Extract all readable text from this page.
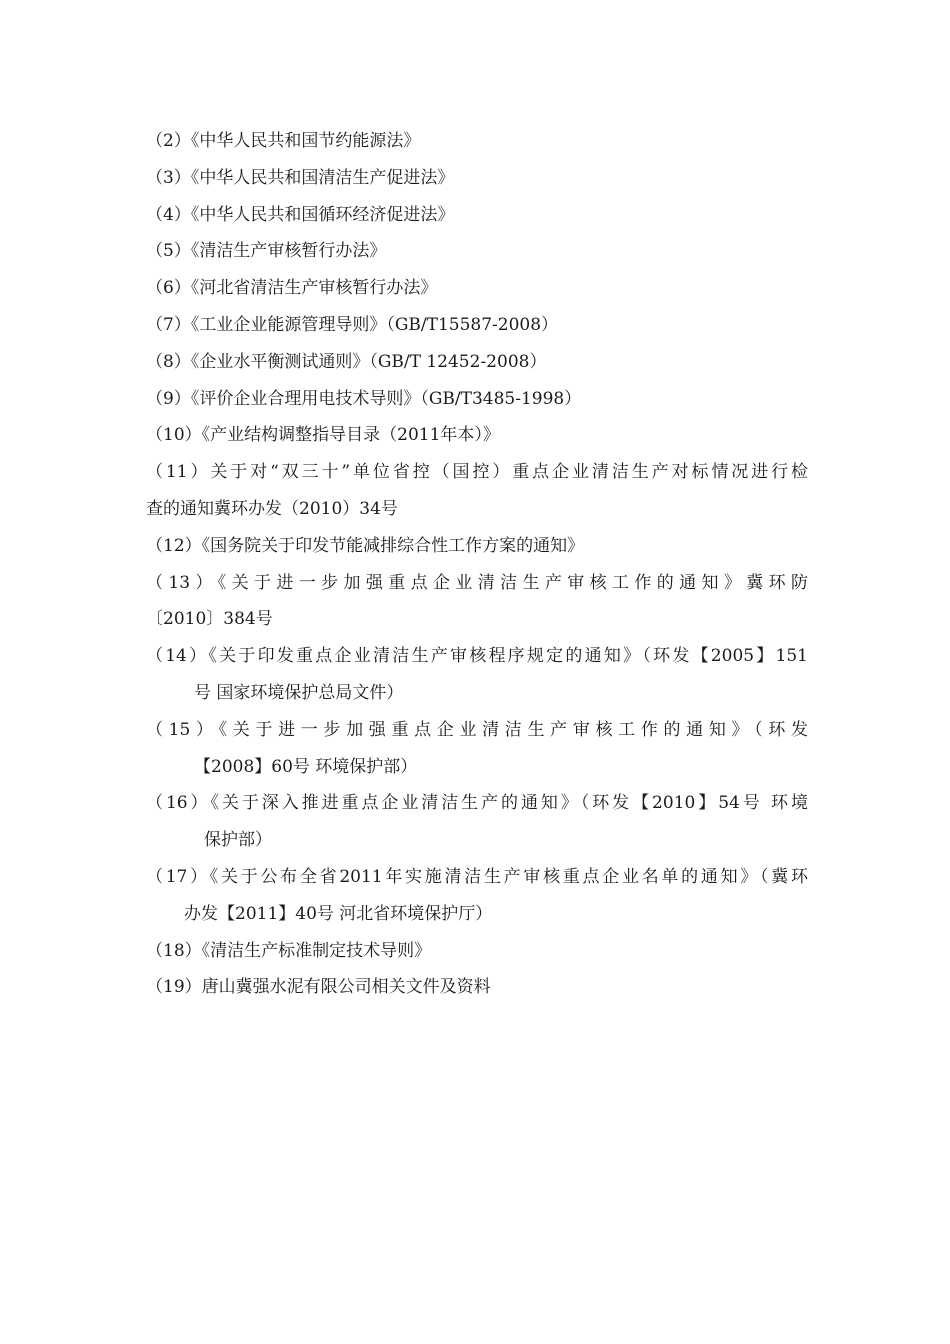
（2）《中华人民共和国节约能源法》

（3）《中华人民共和国清洁生产促进法》

（4）《中华人民共和国循环经济促进法》

（5）《清洁生产审核暂行办法》

（6）《河北省清洁生产审核暂行办法》

（7）《工业企业能源管理导则》（GB/T15587-2008）

（8）《企业水平衡测试通则》（GB/T 12452-2008）

（9）《评价企业合理用电技术导则》（GB/T3485-1998）

（10）《产业结构调整指导目录（2011年本）》

（11）关于对“双三十”单位省控（国控）重点企业清洁生产对标情况进行检
查的通知冀环办发（2010）34号

（12）《国务院关于印发节能减排综合性工作方案的通知》

（13）《关于进一步加强重点企业清洁生产审核工作的通知》冀环防
〔2010〕384号
（14）《关于印发重点企业清洁生产审核程序规定的通知》（环发【2005】151
号 国家环境保护总局文件）
（15）《关于进一步加强重点企业清洁生产审核工作的通知》（环发
【2008】60号 环境保护部）
（16）《关于深入推进重点企业清洁生产的通知》（环发【2010】54号 环境
保护部）
（17）《关于公布全省2011年实施清洁生产审核重点企业名单的通知》（冀环
办发【2011】40号 河北省环境保护厅）

（18）《清洁生产标准制定技术导则》

（19）唐山冀强水泥有限公司相关文件及资料
